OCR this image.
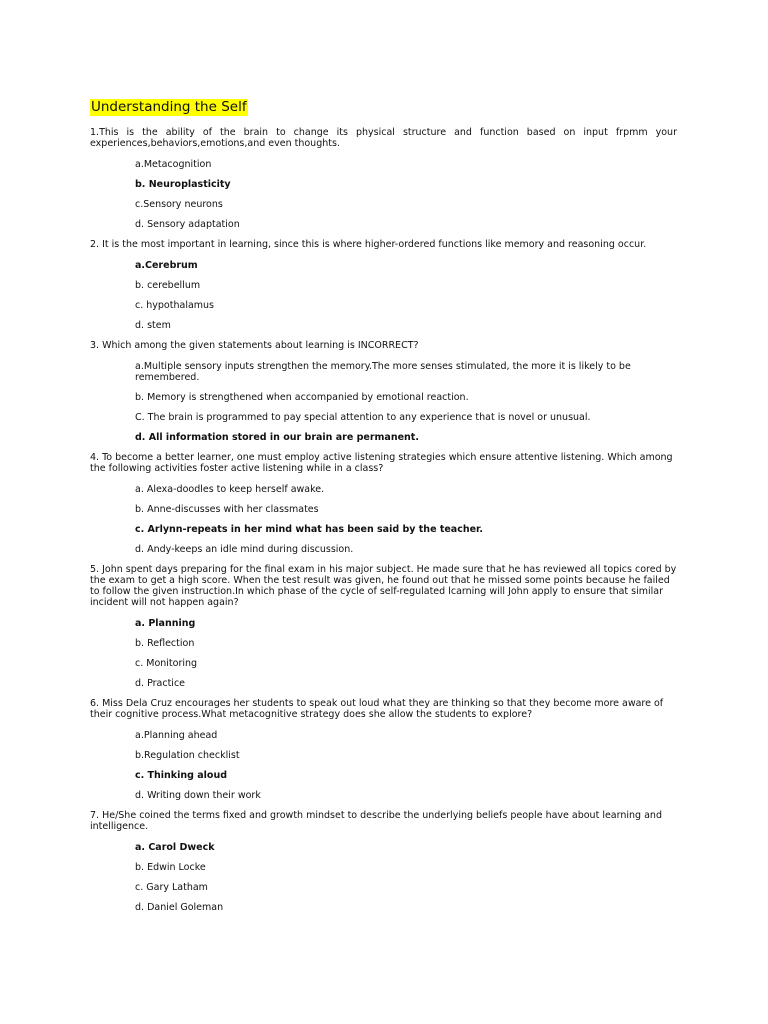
Understanding the Self
1.This is the ability of the brain to change its physical structure and function based on input frpmm your experiences,behaviors,emotions,and even thoughts.
a.Metacognition
b. Neuroplasticity
c.Sensory neurons
d. Sensory adaptation
2. It is the most important in learning, since this is where higher-ordered functions like memory and reasoning occur.
a.Cerebrum
b. cerebellum
c. hypothalamus
d. stem
3. Which among the given statements about learning is INCORRECT?
a.Multiple sensory inputs strengthen the memory.The more senses stimulated, the more it is likely to be remembered.
b. Memory is strengthened when accompanied by emotional reaction.
C. The brain is programmed to pay special attention to any experience that is novel or unusual.
d. All information stored in our brain are permanent.
4. To become a better learner, one must employ active listening strategies which ensure attentive listening. Which among the following activities foster active listening while in a class?
a. Alexa-doodles to keep herself awake.
b. Anne-discusses with her classmates
c. Arlynn-repeats in her mind what has been said by the teacher.
d. Andy-keeps an idle mind during discussion.
5. John spent days preparing for the final exam in his major subject. He made sure that he has reviewed all topics cored by the exam to get a high score. When the test result was given, he found out that he missed some points because he failed to follow the given instruction.In which phase of the cycle of self-regulated lcarning will John apply to ensure that similar incident will not happen again?
a. Planning
b. Reflection
c. Monitoring
d. Practice
6. Miss Dela Cruz encourages her students to speak out loud what they are thinking so that they become more aware of their cognitive process.What metacognitive strategy does she allow the students to explore?
a.Planning ahead
b.Regulation checklist
c. Thinking aloud
d. Writing down their work
7. He/She coined the terms fixed and growth mindset to describe the underlying beliefs people have about learning and intelligence.
a. Carol Dweck
b. Edwin Locke
c. Gary Latham
d. Daniel Goleman
